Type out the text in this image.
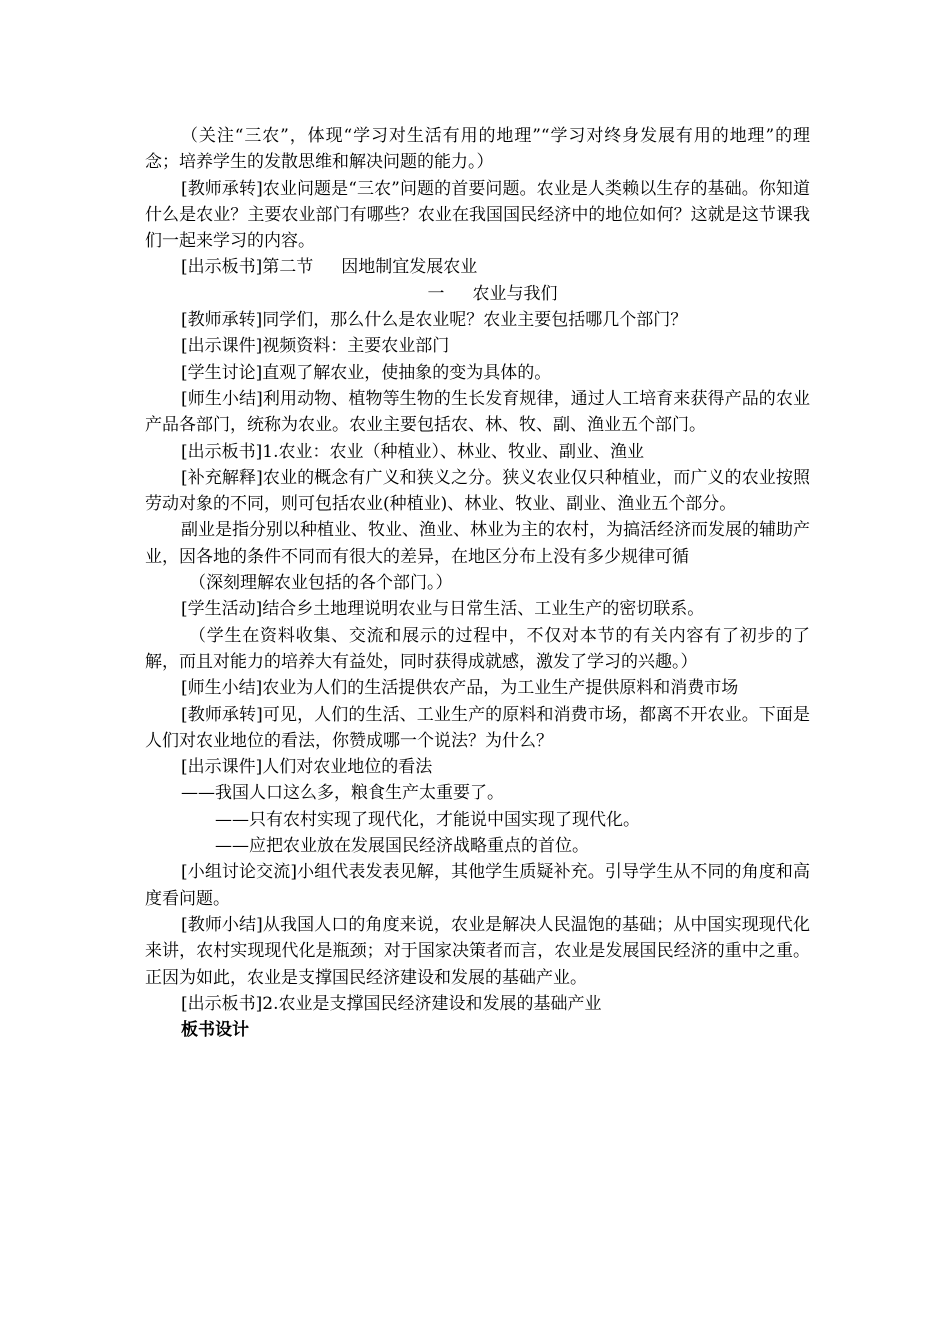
（关注“三农”，体现“学习对生活有用的地理”“学习对终身发展有用的地理”的理念；培养学生的发散思维和解决问题的能力。）

[教师承转]农业问题是“三农”问题的首要问题。农业是人类赖以生存的基础。你知道什么是农业？主要农业部门有哪些？农业在我国国民经济中的地位如何？这就是这节课我们一起来学习的内容。

[出示板书]第二节 因地制宜发展农业

一 农业与我们

[教师承转]同学们，那么什么是农业呢？农业主要包括哪几个部门？

[出示课件]视频资料：主要农业部门

[学生讨论]直观了解农业，使抽象的变为具体的。

[师生小结]利用动物、植物等生物的生长发育规律，通过人工培育来获得产品的农业产品各部门，统称为农业。农业主要包括农、林、牧、副、渔业五个部门。

[出示板书]1.农业：农业（种植业）、林业、牧业、副业、渔业

[补充解释]农业的概念有广义和狭义之分。狭义农业仅只种植业，而广义的农业按照劳动对象的不同，则可包括农业(种植业)、林业、牧业、副业、渔业五个部分。

副业是指分别以种植业、牧业、渔业、林业为主的农村，为搞活经济而发展的辅助产业，因各地的条件不同而有很大的差异，在地区分布上没有多少规律可循

（深刻理解农业包括的各个部门。）

[学生活动]结合乡土地理说明农业与日常生活、工业生产的密切联系。

（学生在资料收集、交流和展示的过程中，不仅对本节的有关内容有了初步的了解，而且对能力的培养大有益处，同时获得成就感，激发了学习的兴趣。）

[师生小结]农业为人们的生活提供农产品，为工业生产提供原料和消费市场

[教师承转]可见，人们的生活、工业生产的原料和消费市场，都离不开农业。下面是人们对农业地位的看法，你赞成哪一个说法？为什么？

[出示课件]人们对农业地位的看法

——我国人口这么多，粮食生产太重要了。

——只有农村实现了现代化，才能说中国实现了现代化。

——应把农业放在发展国民经济战略重点的首位。

[小组讨论交流]小组代表发表见解，其他学生质疑补充。引导学生从不同的角度和高度看问题。

[教师小结]从我国人口的角度来说，农业是解决人民温饱的基础；从中国实现现代化来讲，农村实现现代化是瓶颈；对于国家决策者而言，农业是发展国民经济的重中之重。正因为如此，农业是支撑国民经济建设和发展的基础产业。

[出示板书]2.农业是支撑国民经济建设和发展的基础产业

板书设计
